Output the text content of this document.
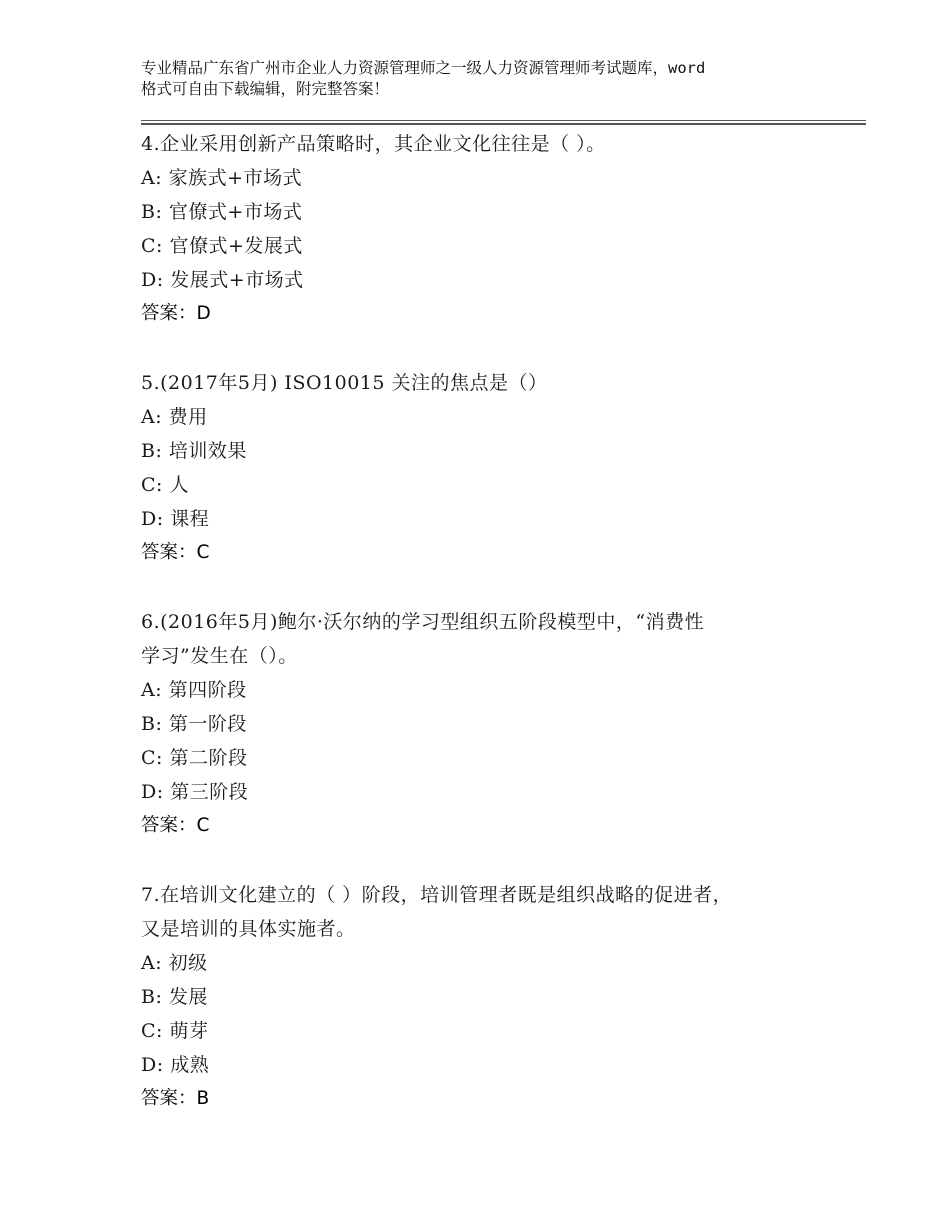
专业精品广东省广州市企业人力资源管理师之一级人力资源管理师考试题库，word
格式可自由下载编辑，附完整答案！

4.企业采用创新产品策略时，其企业文化往往是（ ）。

A: 家族式+市场式

B: 官僚式+市场式

C: 官僚式+发展式

D: 发展式+市场式

答案：D

5.(2017年5月) ISO10015 关注的焦点是（）

A: 费用

B: 培训效果

C: 人

D: 课程

答案：C

6.(2016年5月)鲍尔·沃尔纳的学习型组织五阶段模型中，“消费性

学习”发生在（）。

A: 第四阶段

B: 第一阶段

C: 第二阶段

D: 第三阶段

答案：C

7.在培训文化建立的（ ）阶段，培训管理者既是组织战略的促进者，

又是培训的具体实施者。

A: 初级

B: 发展

C: 萌芽

D: 成熟

答案：B
